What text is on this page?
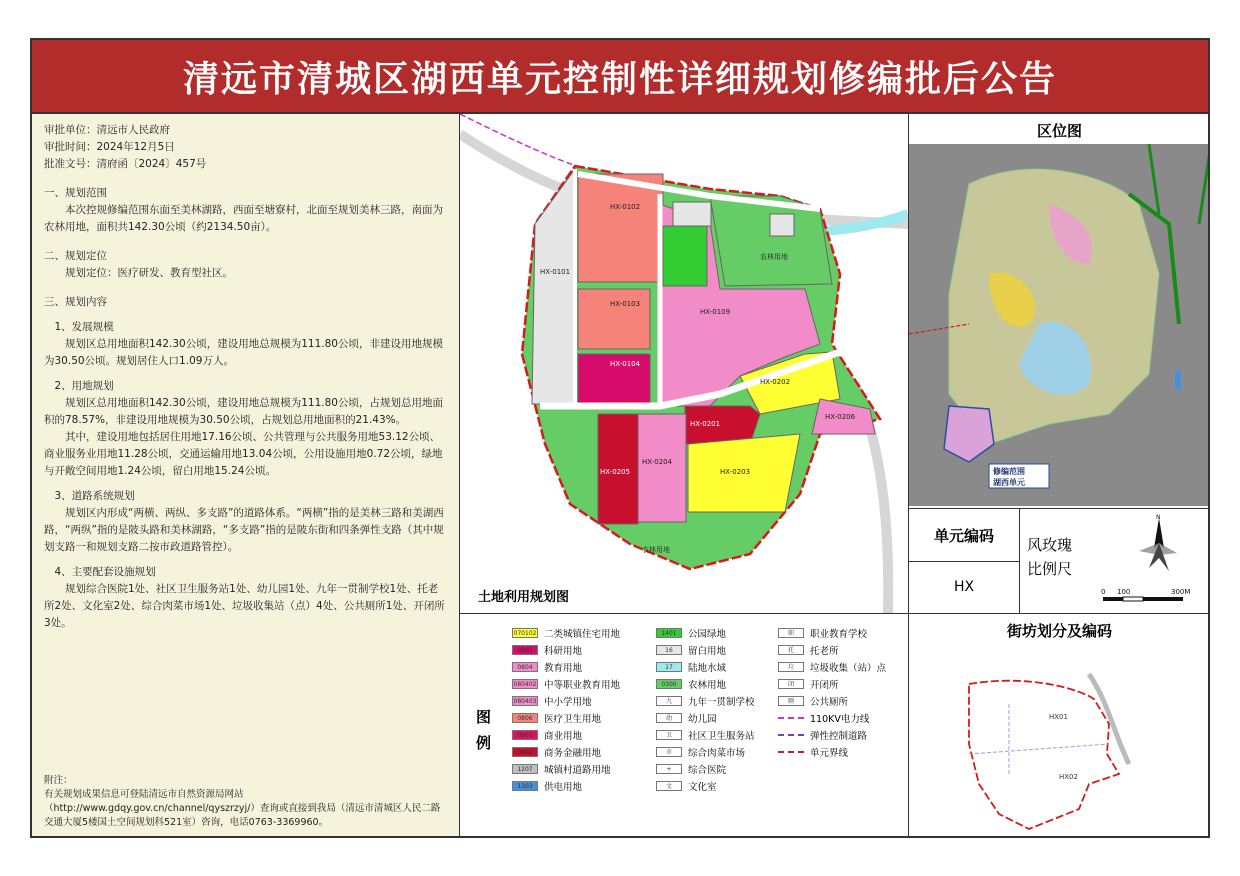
清远市清城区湖西单元控制性详细规划修编批后公告

审批单位：清远市人民政府

审批时间：2024年12月5日

批准文号：清府函〔2024〕457号

一、规划范围

本次控规修编范围东面至美林湖路，西面至塘寮村，北面至规划美林三路，南面为农林用地，面积共142.30公顷（约2134.50亩）。

二、规划定位

规划定位：医疗研发、教育型社区。

三、规划内容
1、发展规模

规划区总用地面积142.30公顷，建设用地总规模为111.80公顷，非建设用地规模为30.50公顷。规划居住人口1.09万人。

2、用地规划

规划区总用地面积142.30公顷，建设用地总规模为111.80公顷，占规划总用地面积的78.57%，非建设用地规模为30.50公顷，占规划总用地面积的21.43%。

其中，建设用地包括居住用地17.16公顷、公共管理与公共服务用地53.12公顷、商业服务业用地11.28公顷，交通运输用地13.04公顷，公用设施用地0.72公顷，绿地与开敞空间用地1.24公顷，留白用地15.24公顷。

3、道路系统规划

规划区内形成“两横、两纵、多支路”的道路体系。“两横”指的是美林三路和美湖西路，“两纵”指的是陂头路和美林湖路，“多支路”指的是陂东街和四条弹性支路（其中规划支路一和规划支路二按市政道路管控）。

4、主要配套设施规划

规划综合医院1处、社区卫生服务站1处、幼儿园1处、九年一贯制学校1处、托老所2处、文化室2处、综合肉菜市场1处、垃圾收集站（点）4处、公共厕所1处、开闭所3处。

附注：
有关规划成果信息可登陆清远市自然资源局网站
（http://www.gdqy.gov.cn/channel/qyszrzyj/）查询或直接到我局（清远市清城区人民二路
交通大厦5楼国土空间规划科521室）咨询，电话0763-3369960。
HX-0101
HX-0102
HX-0103
HX-0104
HX-0109
农林用地
HX-0202
HX-0203
HX-0204
HX-0205
HX-0206
HX-0201
农林用地
土地利用规划图
图例
070102 二类城镇住宅用地
0803	科研用地
0804	教育用地
080402 中等职业教育用地
080403 中小学用地
0806	医疗卫生用地
0901	商业用地
0902	商务金融用地
1207	城镇村道路用地
1303	供电用地
1401	公园绿地
16	留白用地
17	陆地水域
0300	农林用地
九	九年一贯制学校
幼	幼儿园
卫	社区卫生服务站
市	综合肉菜市场
+	综合医院
文	文化室
职	职业教育学校
托	托老所
垃	垃圾收集（站）点
闭	开闭所
厕	公共厕所
110KV电力线
弹性控制道路
单元界线
区位图
修编范围
湖西单元
单元编码
HX
风玫瑰
比例尺
N
0 100	300M
街坊划分及编码
HX01
HX02
